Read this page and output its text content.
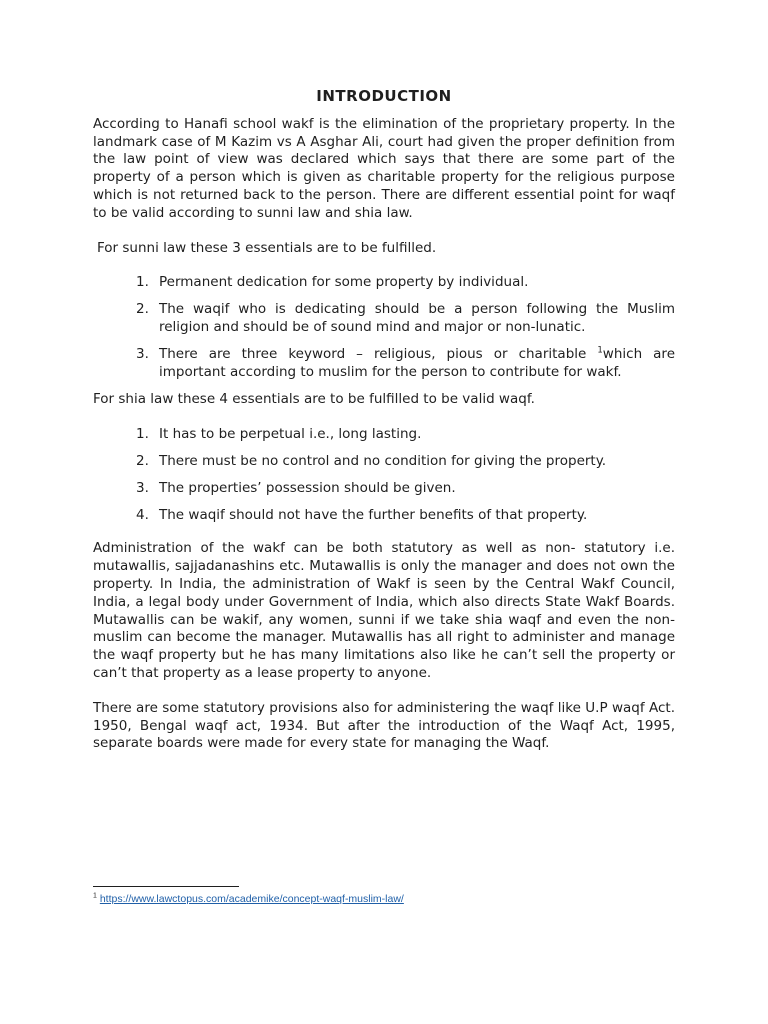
INTRODUCTION

According to Hanafi school wakf is the elimination of the proprietary property. In the landmark case of M Kazim vs A Asghar Ali, court had given the proper definition from the law point of view was declared which says that there are some part of the property of a person which is given as charitable property for the religious purpose which is not returned back to the person. There are different essential point for waqf to be valid according to sunni law and shia law.

For sunni law these 3 essentials are to be fulfilled.

1. Permanent dedication for some property by individual.
2. The waqif who is dedicating should be a person following the Muslim religion and should be of sound mind and major or non-lunatic.
3. There are three keyword – religious, pious or charitable $^1$which are important according to muslim for the person to contribute for wakf.

For shia law these 4 essentials are to be fulfilled to be valid waqf.

1. It has to be perpetual i.e., long lasting.
2. There must be no control and no condition for giving the property.
3. The properties’ possession should be given.
4. The waqif should not have the further benefits of that property.

Administration of the wakf can be both statutory as well as non- statutory i.e. mutawallis, sajjadanashins etc. Mutawallis is only the manager and does not own the property. In India, the administration of Wakf is seen by the Central Wakf Council, India, a legal body under Government of India, which also directs State Wakf Boards. Mutawallis can be wakif, any women, sunni if we take shia waqf and even the non-muslim can become the manager. Mutawallis has all right to administer and manage the waqf property but he has many limitations also like he can’t sell the property or can’t that property as a lease property to anyone.

There are some statutory provisions also for administering the waqf like U.P waqf Act. 1950, Bengal waqf act, 1934. But after the introduction of the Waqf Act, 1995, separate boards were made for every state for managing the Waqf.

$^1$ https://www.lawctopus.com/academike/concept-waqf-muslim-law/
